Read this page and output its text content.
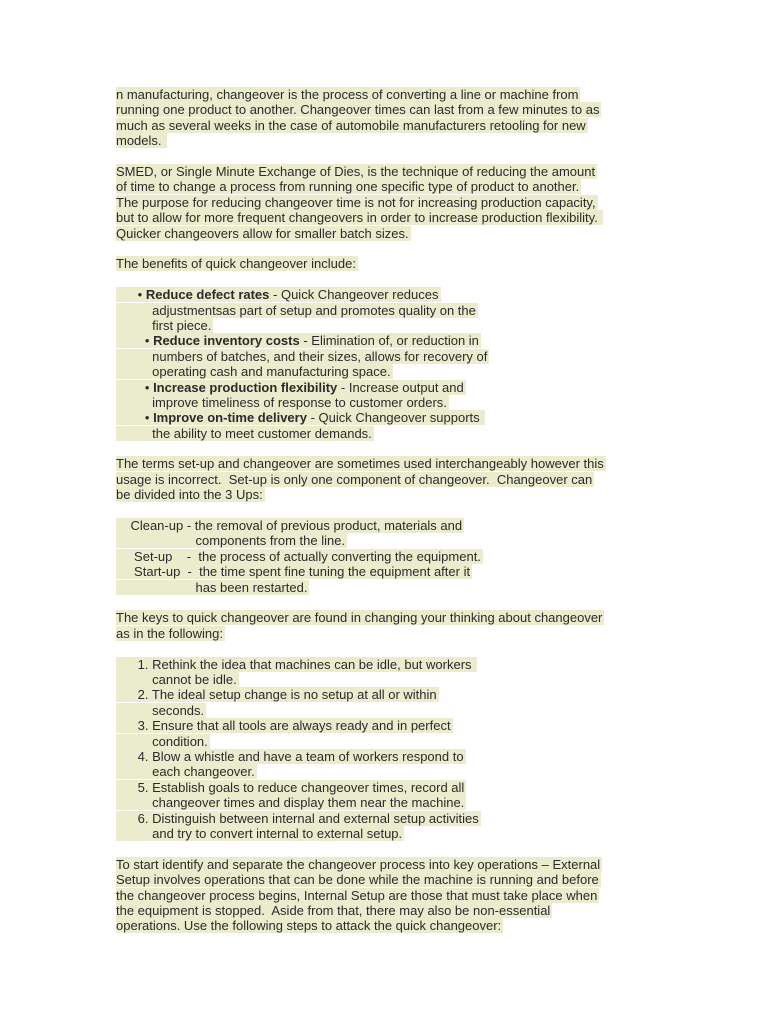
n manufacturing, changeover is the process of converting a line or machine from
running one product to another. Changeover times can last from a few minutes to as
much as several weeks in the case of automobile manufacturers retooling for new
models.
SMED, or Single Minute Exchange of Dies, is the technique of reducing the amount
of time to change a process from running one specific type of product to another.
The purpose for reducing changeover time is not for increasing production capacity,
but to allow for more frequent changeovers in order to increase production flexibility.
Quicker changeovers allow for smaller batch sizes.
The benefits of quick changeover include:
• Reduce defect rates - Quick Changeover reduces
adjustmentsas part of setup and promotes quality on the
first piece.
• Reduce inventory costs - Elimination of, or reduction in
numbers of batches, and their sizes, allows for recovery of
operating cash and manufacturing space.
• Increase production flexibility - Increase output and
improve timeliness of response to customer orders.
• Improve on-time delivery - Quick Changeover supports
the ability to meet customer demands.
The terms set-up and changeover are sometimes used interchangeably however this
usage is incorrect.  Set-up is only one component of changeover.  Changeover can
be divided into the 3 Ups:
Clean-up - the removal of previous product, materials and
components from the line.
Set-up    -  the process of actually converting the equipment.
Start-up  -  the time spent fine tuning the equipment after it
has been restarted.
The keys to quick changeover are found in changing your thinking about changeover
as in the following:
1. Rethink the idea that machines can be idle, but workers
cannot be idle.
2. The ideal setup change is no setup at all or within
seconds.
3. Ensure that all tools are always ready and in perfect
condition.
4. Blow a whistle and have a team of workers respond to
each changeover.
5. Establish goals to reduce changeover times, record all
changeover times and display them near the machine.
6. Distinguish between internal and external setup activities
and try to convert internal to external setup.
To start identify and separate the changeover process into key operations – External
Setup involves operations that can be done while the machine is running and before
the changeover process begins, Internal Setup are those that must take place when
the equipment is stopped.  Aside from that, there may also be non-essential
operations. Use the following steps to attack the quick changeover:
